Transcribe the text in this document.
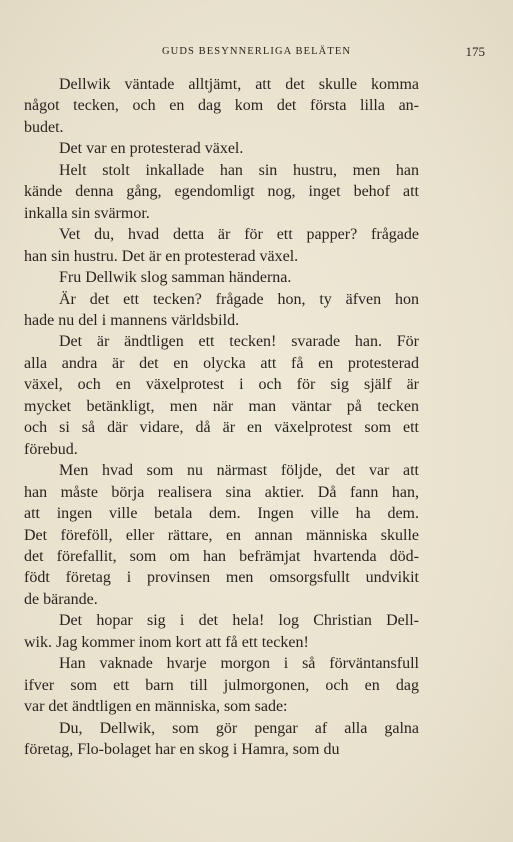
GUDS BESYNNERLIGA BELÄTEN	175

Dellwik väntade alltjämt, att det skulle komma
något tecken, och en dag kom det första lilla an-
budet.

Det var en protesterad växel.

Helt stolt inkallade han sin hustru, men han
kände denna gång, egendomligt nog, inget behof att
inkalla sin svärmor.

Vet du, hvad detta är för ett papper? frågade
han sin hustru. Det är en protesterad växel.

Fru Dellwik slog samman händerna.

Är det ett tecken? frågade hon, ty äfven hon
hade nu del i mannens världsbild.

Det är ändtligen ett tecken! svarade han. För
alla andra är det en olycka att få en protesterad
växel, och en växelprotest i och för sig själf är
mycket betänkligt, men när man väntar på tecken
och si så där vidare, då är en växelprotest som ett
förebud.

Men hvad som nu närmast följde, det var att
han måste börja realisera sina aktier. Då fann han,
att ingen ville betala dem. Ingen ville ha dem.
Det föreföll, eller rättare, en annan människa skulle
det förefallit, som om han befrämjat hvartenda död-
födt företag i provinsen men omsorgsfullt undvikit
de bärande.

Det hopar sig i det hela! log Christian Dell-
wik. Jag kommer inom kort att få ett tecken!

Han vaknade hvarje morgon i så förväntansfull
ifver som ett barn till julmorgonen, och en dag
var det ändtligen en människa, som sade:

Du, Dellwik, som gör pengar af alla galna
företag, Flo-bolaget har en skog i Hamra, som du
